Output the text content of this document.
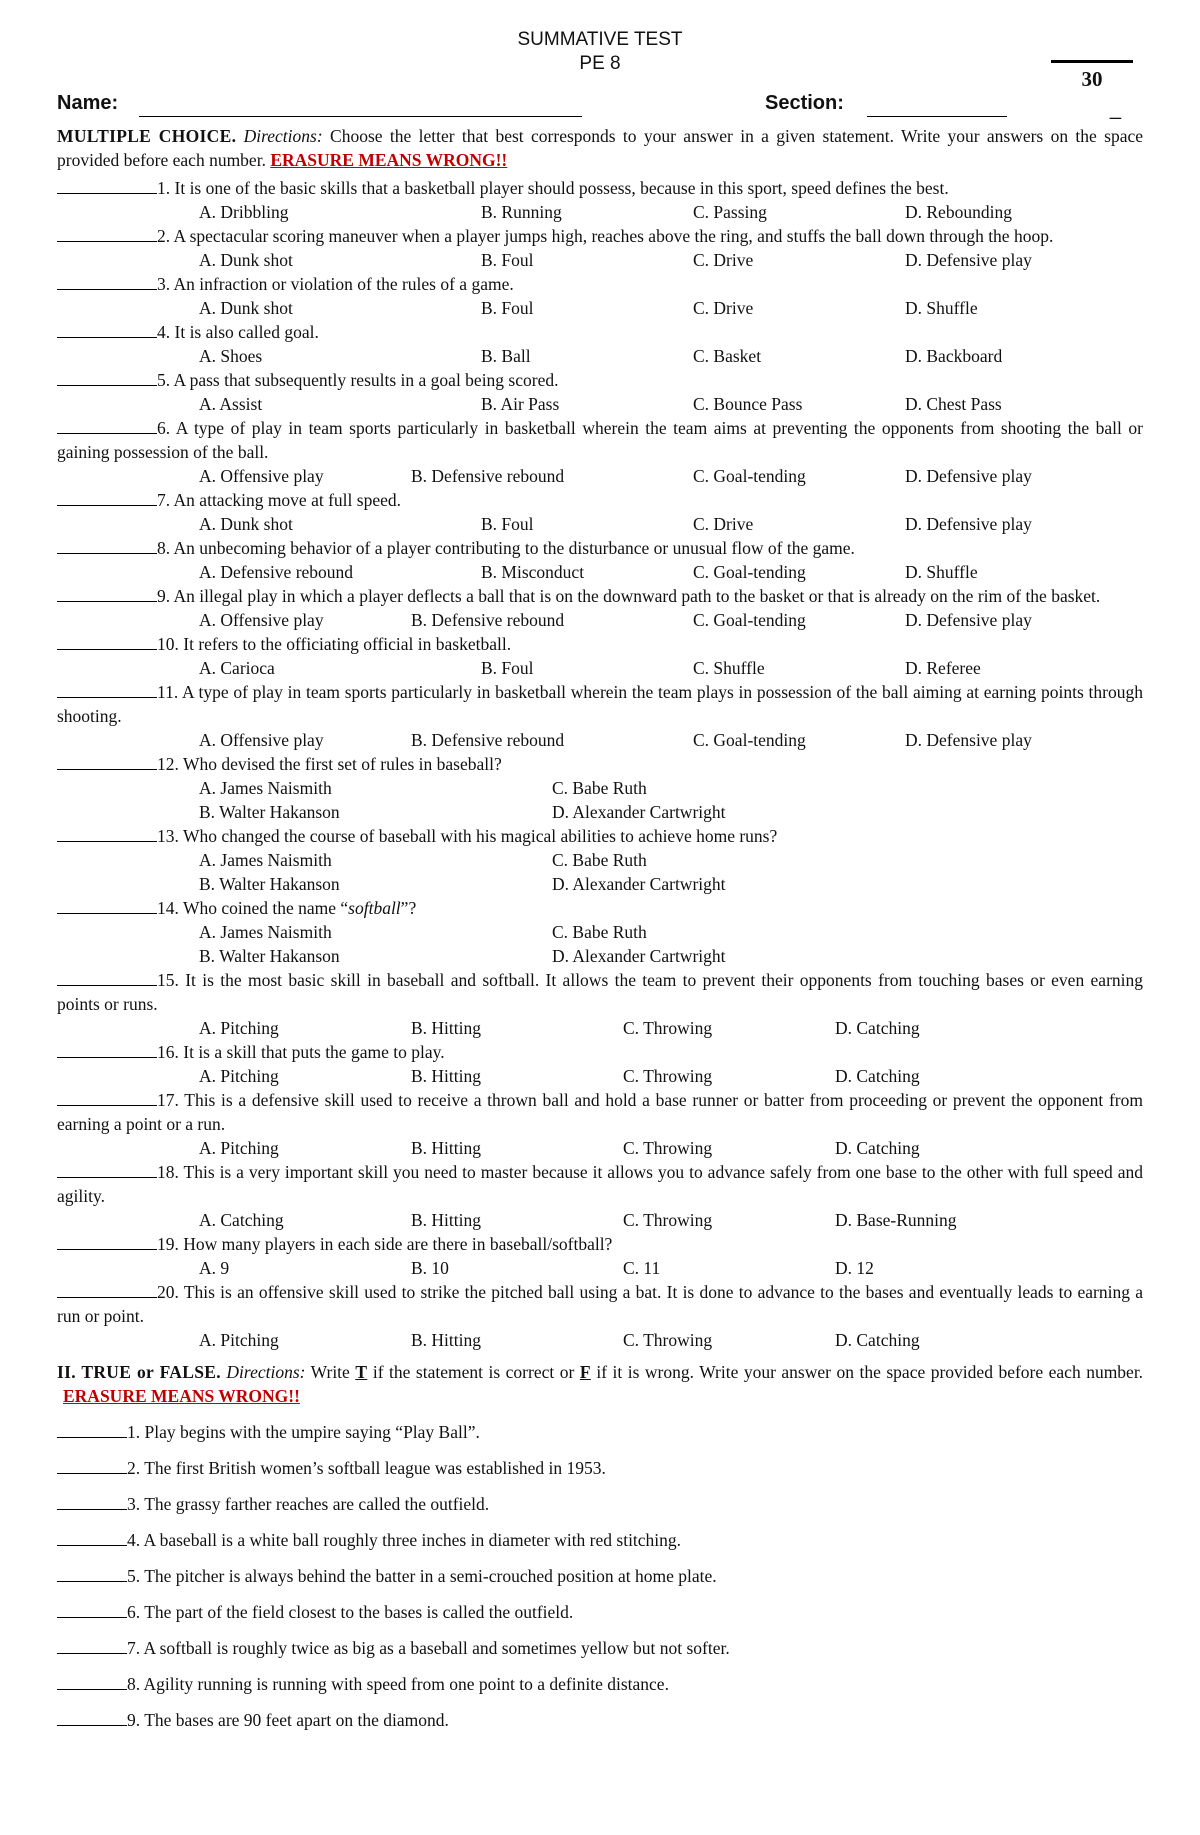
SUMMATIVE TEST
PE 8
30
Name:	Section:	_
MULTIPLE CHOICE. Directions: Choose the letter that best corresponds to your answer in a given statement. Write your answers on the space provided before each number. ERASURE MEANS WRONG!!
1. It is one of the basic skills that a basketball player should possess, because in this sport, speed defines the best.
A. Dribbling	B. Running	C. Passing	D. Rebounding
2. A spectacular scoring maneuver when a player jumps high, reaches above the ring, and stuffs the ball down through the hoop.
A. Dunk shot	B. Foul	C. Drive	D. Defensive play
3. An infraction or violation of the rules of a game.
A. Dunk shot	B. Foul	C. Drive	D. Shuffle
4. It is also called goal.
A. Shoes	B. Ball	C. Basket	D. Backboard
5. A pass that subsequently results in a goal being scored.
A. Assist	B. Air Pass	C. Bounce Pass	D. Chest Pass
6. A type of play in team sports particularly in basketball wherein the team aims at preventing the opponents from shooting the ball or gaining possession of the ball.
A. Offensive play	B. Defensive rebound	C. Goal-tending	D. Defensive play
7. An attacking move at full speed.
A. Dunk shot	B. Foul	C. Drive	D. Defensive play
8. An unbecoming behavior of a player contributing to the disturbance or unusual flow of the game.
A. Defensive rebound	B. Misconduct	C. Goal-tending	D. Shuffle
9. An illegal play in which a player deflects a ball that is on the downward path to the basket or that is already on the rim of the basket.
A. Offensive play	B. Defensive rebound	C. Goal-tending	D. Defensive play
10. It refers to the officiating official in basketball.
A. Carioca	B. Foul	C. Shuffle	D. Referee
11. A type of play in team sports particularly in basketball wherein the team plays in possession of the ball aiming at earning points through shooting.
A. Offensive play	B. Defensive rebound	C. Goal-tending	D. Defensive play
12. Who devised the first set of rules in baseball?
A. James Naismith	C. Babe Ruth
B. Walter Hakanson	D. Alexander Cartwright
13. Who changed the course of baseball with his magical abilities to achieve home runs?
A. James Naismith	C. Babe Ruth
B. Walter Hakanson	D. Alexander Cartwright
14. Who coined the name “softball”?
A. James Naismith	C. Babe Ruth
B. Walter Hakanson	D. Alexander Cartwright
15. It is the most basic skill in baseball and softball. It allows the team to prevent their opponents from touching bases or even earning points or runs.
A. Pitching	B. Hitting	C. Throwing	D. Catching
16. It is a skill that puts the game to play.
A. Pitching	B. Hitting	C. Throwing	D. Catching
17. This is a defensive skill used to receive a thrown ball and hold a base runner or batter from proceeding or prevent the opponent from earning a point or a run.
A. Pitching	B. Hitting	C. Throwing	D. Catching
18. This is a very important skill you need to master because it allows you to advance safely from one base to the other with full speed and agility.
A. Catching	B. Hitting	C. Throwing	D. Base-Running
19. How many players in each side are there in baseball/softball?
A. 9	B. 10	C. 11	D. 12
20. This is an offensive skill used to strike the pitched ball using a bat. It is done to advance to the bases and eventually leads to earning a run or point.
A. Pitching	B. Hitting	C. Throwing	D. Catching
II. TRUE or FALSE. Directions: Write T if the statement is correct or F if it is wrong. Write your answer on the space provided before each number. ERASURE MEANS WRONG!!
1. Play begins with the umpire saying “Play Ball”.
2. The first British women’s softball league was established in 1953.
3. The grassy farther reaches are called the outfield.
4. A baseball is a white ball roughly three inches in diameter with red stitching.
5. The pitcher is always behind the batter in a semi-crouched position at home plate.
6. The part of the field closest to the bases is called the outfield.
7. A softball is roughly twice as big as a baseball and sometimes yellow but not softer.
8. Agility running is running with speed from one point to a definite distance.
9. The bases are 90 feet apart on the diamond.
